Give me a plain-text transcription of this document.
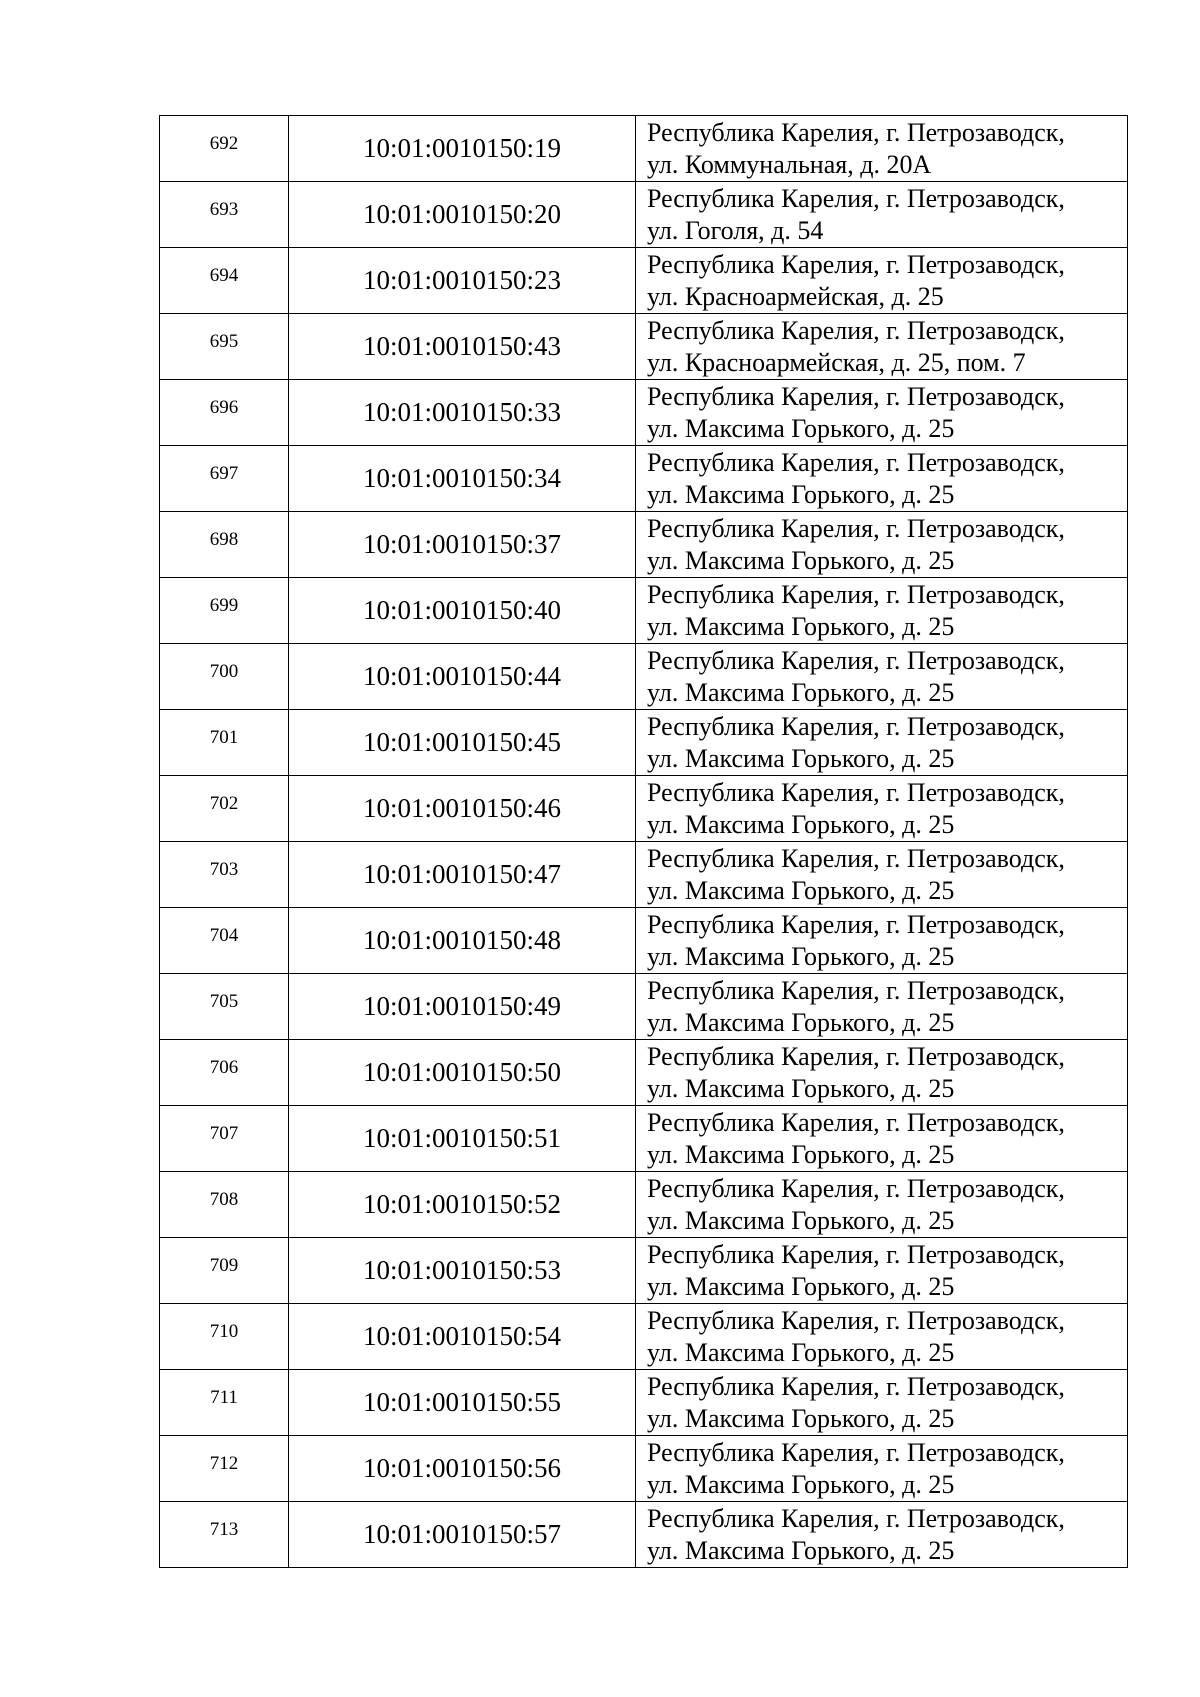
692	10:01:0010150:19	Республика Карелия, г. Петрозаводск,
ул. Коммунальная, д. 20А

693	10:01:0010150:20	Республика Карелия, г. Петрозаводск,
ул. Гоголя, д. 54

694	10:01:0010150:23	Республика Карелия, г. Петрозаводск,
ул. Красноармейская, д. 25

695	10:01:0010150:43	Республика Карелия, г. Петрозаводск,
ул. Красноармейская, д. 25, пом. 7

696	10:01:0010150:33	Республика Карелия, г. Петрозаводск,
ул. Максима Горького, д. 25

697	10:01:0010150:34	Республика Карелия, г. Петрозаводск,
ул. Максима Горького, д. 25

698	10:01:0010150:37	Республика Карелия, г. Петрозаводск,
ул. Максима Горького, д. 25

699	10:01:0010150:40	Республика Карелия, г. Петрозаводск,
ул. Максима Горького, д. 25

700	10:01:0010150:44	Республика Карелия, г. Петрозаводск,
ул. Максима Горького, д. 25

701	10:01:0010150:45	Республика Карелия, г. Петрозаводск,
ул. Максима Горького, д. 25

702	10:01:0010150:46	Республика Карелия, г. Петрозаводск,
ул. Максима Горького, д. 25

703	10:01:0010150:47	Республика Карелия, г. Петрозаводск,
ул. Максима Горького, д. 25

704	10:01:0010150:48	Республика Карелия, г. Петрозаводск,
ул. Максима Горького, д. 25

705	10:01:0010150:49	Республика Карелия, г. Петрозаводск,
ул. Максима Горького, д. 25

706	10:01:0010150:50	Республика Карелия, г. Петрозаводск,
ул. Максима Горького, д. 25

707	10:01:0010150:51	Республика Карелия, г. Петрозаводск,
ул. Максима Горького, д. 25

708	10:01:0010150:52	Республика Карелия, г. Петрозаводск,
ул. Максима Горького, д. 25

709	10:01:0010150:53	Республика Карелия, г. Петрозаводск,
ул. Максима Горького, д. 25

710	10:01:0010150:54	Республика Карелия, г. Петрозаводск,
ул. Максима Горького, д. 25

711	10:01:0010150:55	Республика Карелия, г. Петрозаводск,
ул. Максима Горького, д. 25

712	10:01:0010150:56	Республика Карелия, г. Петрозаводск,
ул. Максима Горького, д. 25

713	10:01:0010150:57	Республика Карелия, г. Петрозаводск,
ул. Максима Горького, д. 25
